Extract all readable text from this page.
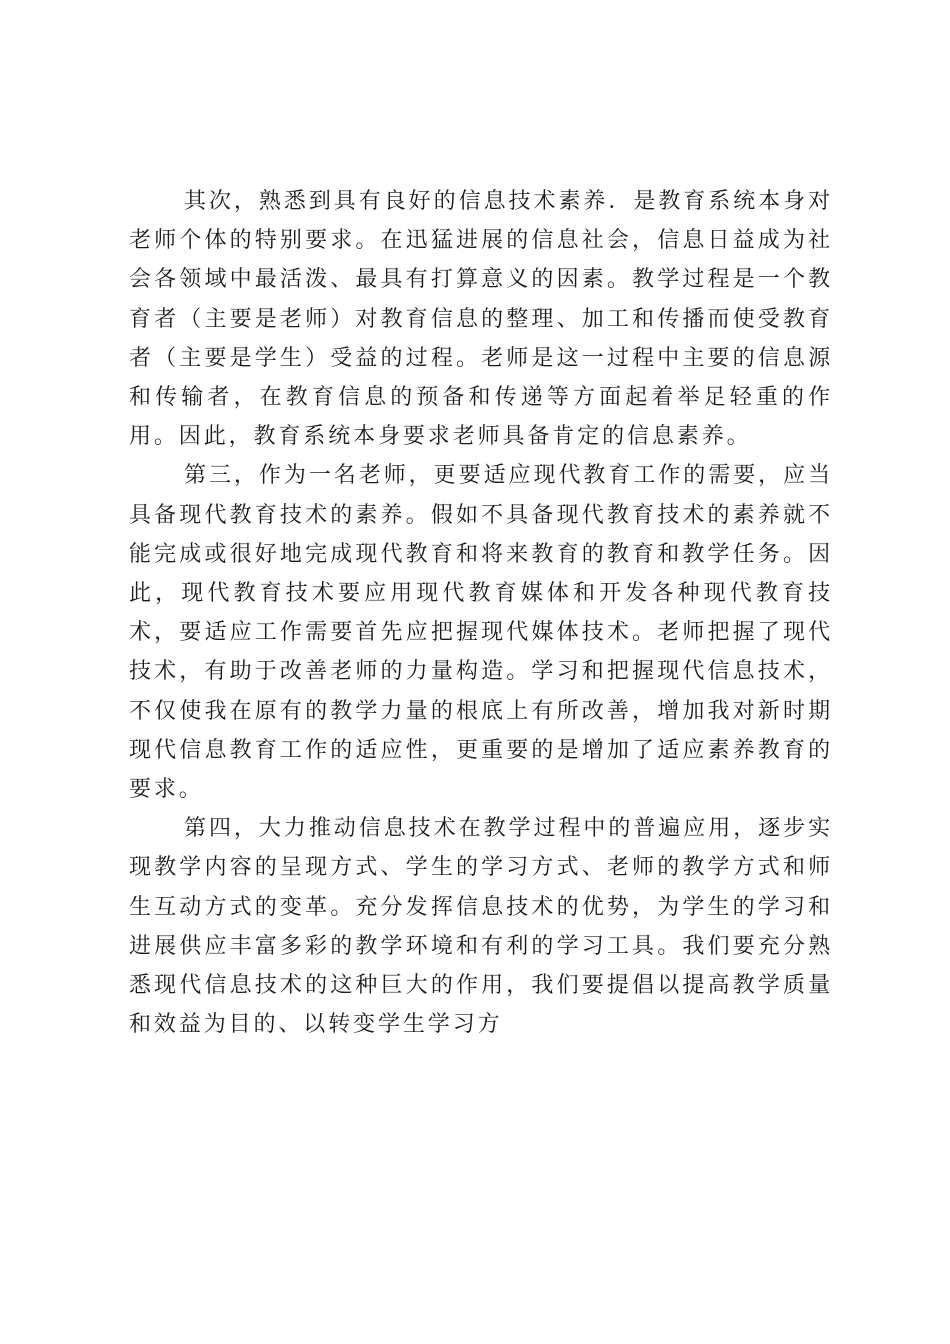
其次，熟悉到具有良好的信息技术素养．是教育系统本身对老师个体的特别要求。在迅猛进展的信息社会，信息日益成为社会各领域中最活泼、最具有打算意义的因素。教学过程是一个教育者（主要是老师）对教育信息的整理、加工和传播而使受教育者（主要是学生）受益的过程。老师是这一过程中主要的信息源和传输者，在教育信息的预备和传递等方面起着举足轻重的作用。因此，教育系统本身要求老师具备肯定的信息素养。

第三，作为一名老师，更要适应现代教育工作的需要，应当具备现代教育技术的素养。假如不具备现代教育技术的素养就不能完成或很好地完成现代教育和将来教育的教育和教学任务。因此，现代教育技术要应用现代教育媒体和开发各种现代教育技术，要适应工作需要首先应把握现代媒体技术。老师把握了现代技术，有助于改善老师的力量构造。学习和把握现代信息技术，不仅使我在原有的教学力量的根底上有所改善，增加我对新时期现代信息教育工作的适应性，更重要的是增加了适应素养教育的要求。

第四，大力推动信息技术在教学过程中的普遍应用，逐步实现教学内容的呈现方式、学生的学习方式、老师的教学方式和师生互动方式的变革。充分发挥信息技术的优势，为学生的学习和进展供应丰富多彩的教学环境和有利的学习工具。我们要充分熟悉现代信息技术的这种巨大的作用，我们要提倡以提高教学质量和效益为目的、以转变学生学习方
